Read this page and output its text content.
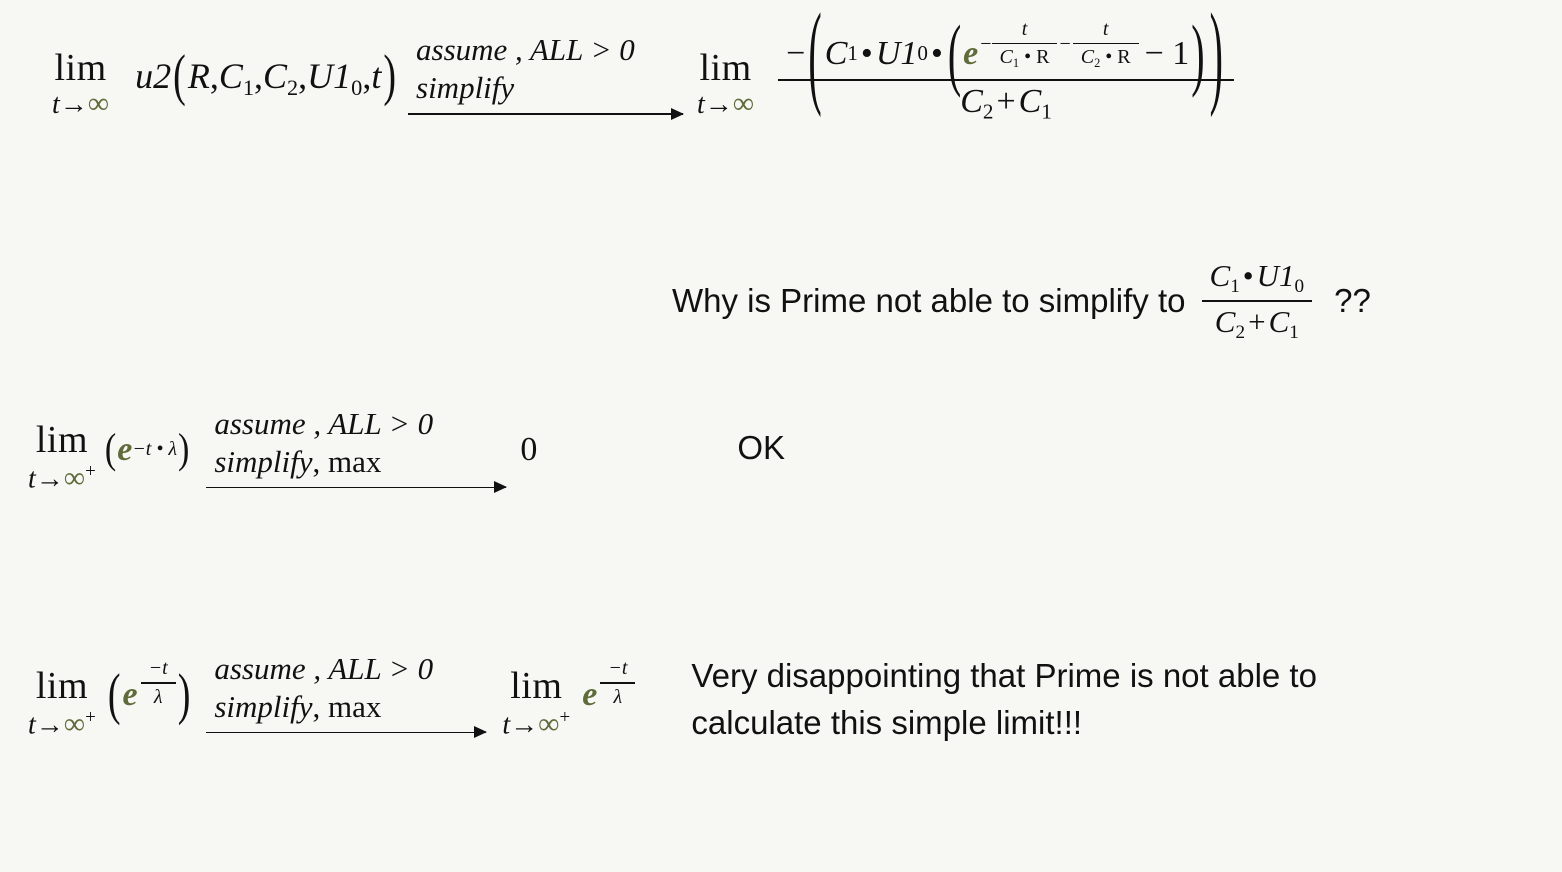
lim
t→∞
$u2(R,C_1,C_2,U1_0,t)$ assume , ALL > 0
simplify	lim
t→∞
− ( C 1 • U1 0 • ( $e - \frac{t}{C_1 • R} - \frac{t}{C_2 • R} - 1$ ) )
$C_2+C_1$
Why is Prime not able to simplify to $\frac{C_1•U1_0}{C_2+C_1}$ ??
lim
t→∞+ ( e −t • λ )
assume , ALL > 0
simplify, max	0	OK
lim
t→∞+ ( e $\frac{-t}{\lambda}$ ) assume , ALL > 0
simplify, max	lim
t→∞+
e $\frac{-t}{\lambda}$ Very disappointing that Prime is not able to calculate this simple limit!!!
